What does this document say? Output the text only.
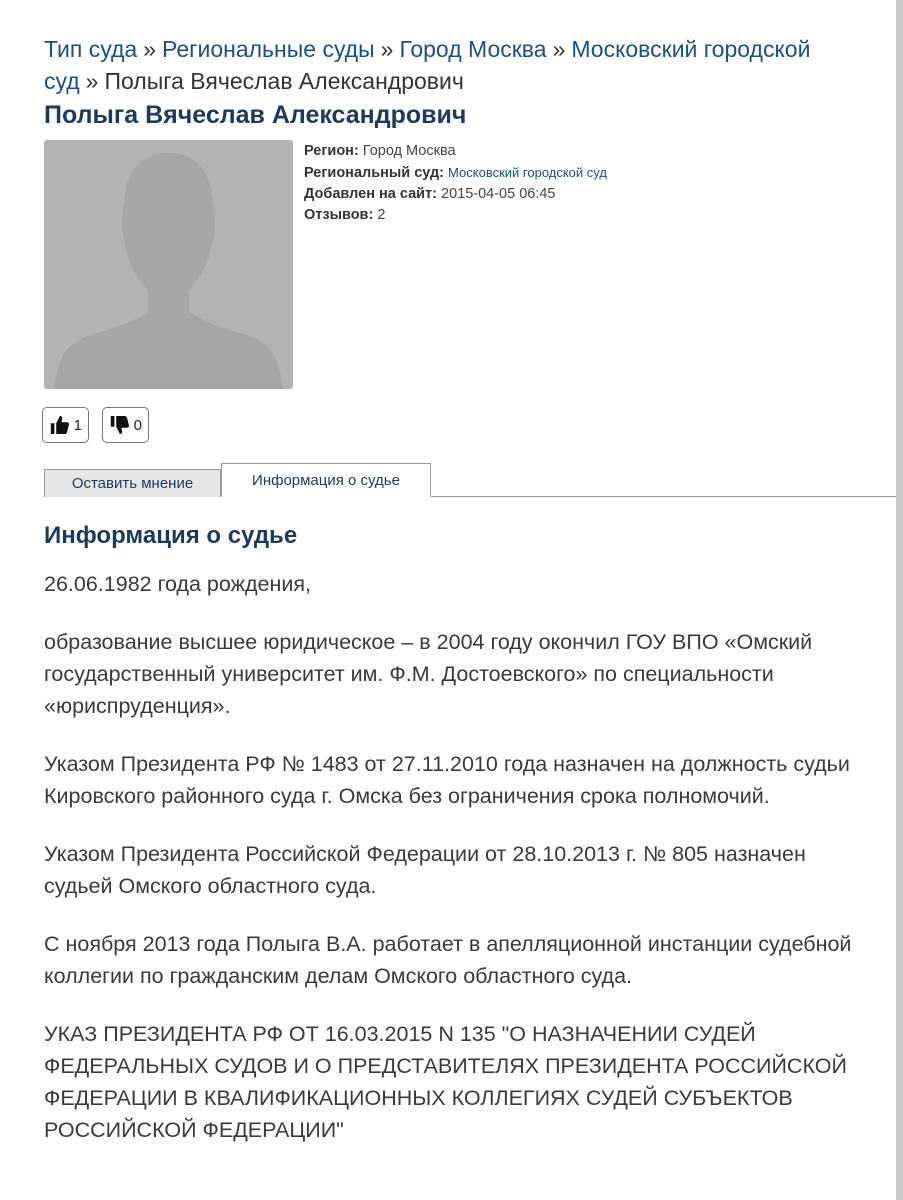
Тип суда » Региональные суды » Город Москва » Московский городской суд » Полыга Вячеслав Александрович
Полыга Вячеслав Александрович
Регион: Город Москва
Региональный суд: Московский городской суд
Добавлен на сайт: 2015-04-05 06:45
Отзывов: 2
1	0
Оставить мнение	Информация о судье
Информация о судье

26.06.1982 года рождения,

образование высшее юридическое – в 2004 году окончил ГОУ ВПО «Омский государственный университет им. Ф.М. Достоевского» по специальности «юриспруденция».

Указом Президента РФ № 1483 от 27.11.2010 года назначен на должность судьи Кировского районного суда г. Омска без ограничения срока полномочий.

Указом Президента Российской Федерации от 28.10.2013 г. № 805 назначен судьей Омского областного суда.

С ноября 2013 года Полыга В.А. работает в апелляционной инстанции судебной коллегии по гражданским делам Омского областного суда.

УКАЗ ПРЕЗИДЕНТА РФ ОТ 16.03.2015 N 135 "О НАЗНАЧЕНИИ СУДЕЙ ФЕДЕРАЛЬНЫХ СУДОВ И О ПРЕДСТАВИТЕЛЯХ ПРЕЗИДЕНТА РОССИЙСКОЙ ФЕДЕРАЦИИ В КВАЛИФИКАЦИОННЫХ КОЛЛЕГИЯХ СУДЕЙ СУБЪЕКТОВ РОССИЙСКОЙ ФЕДЕРАЦИИ"
